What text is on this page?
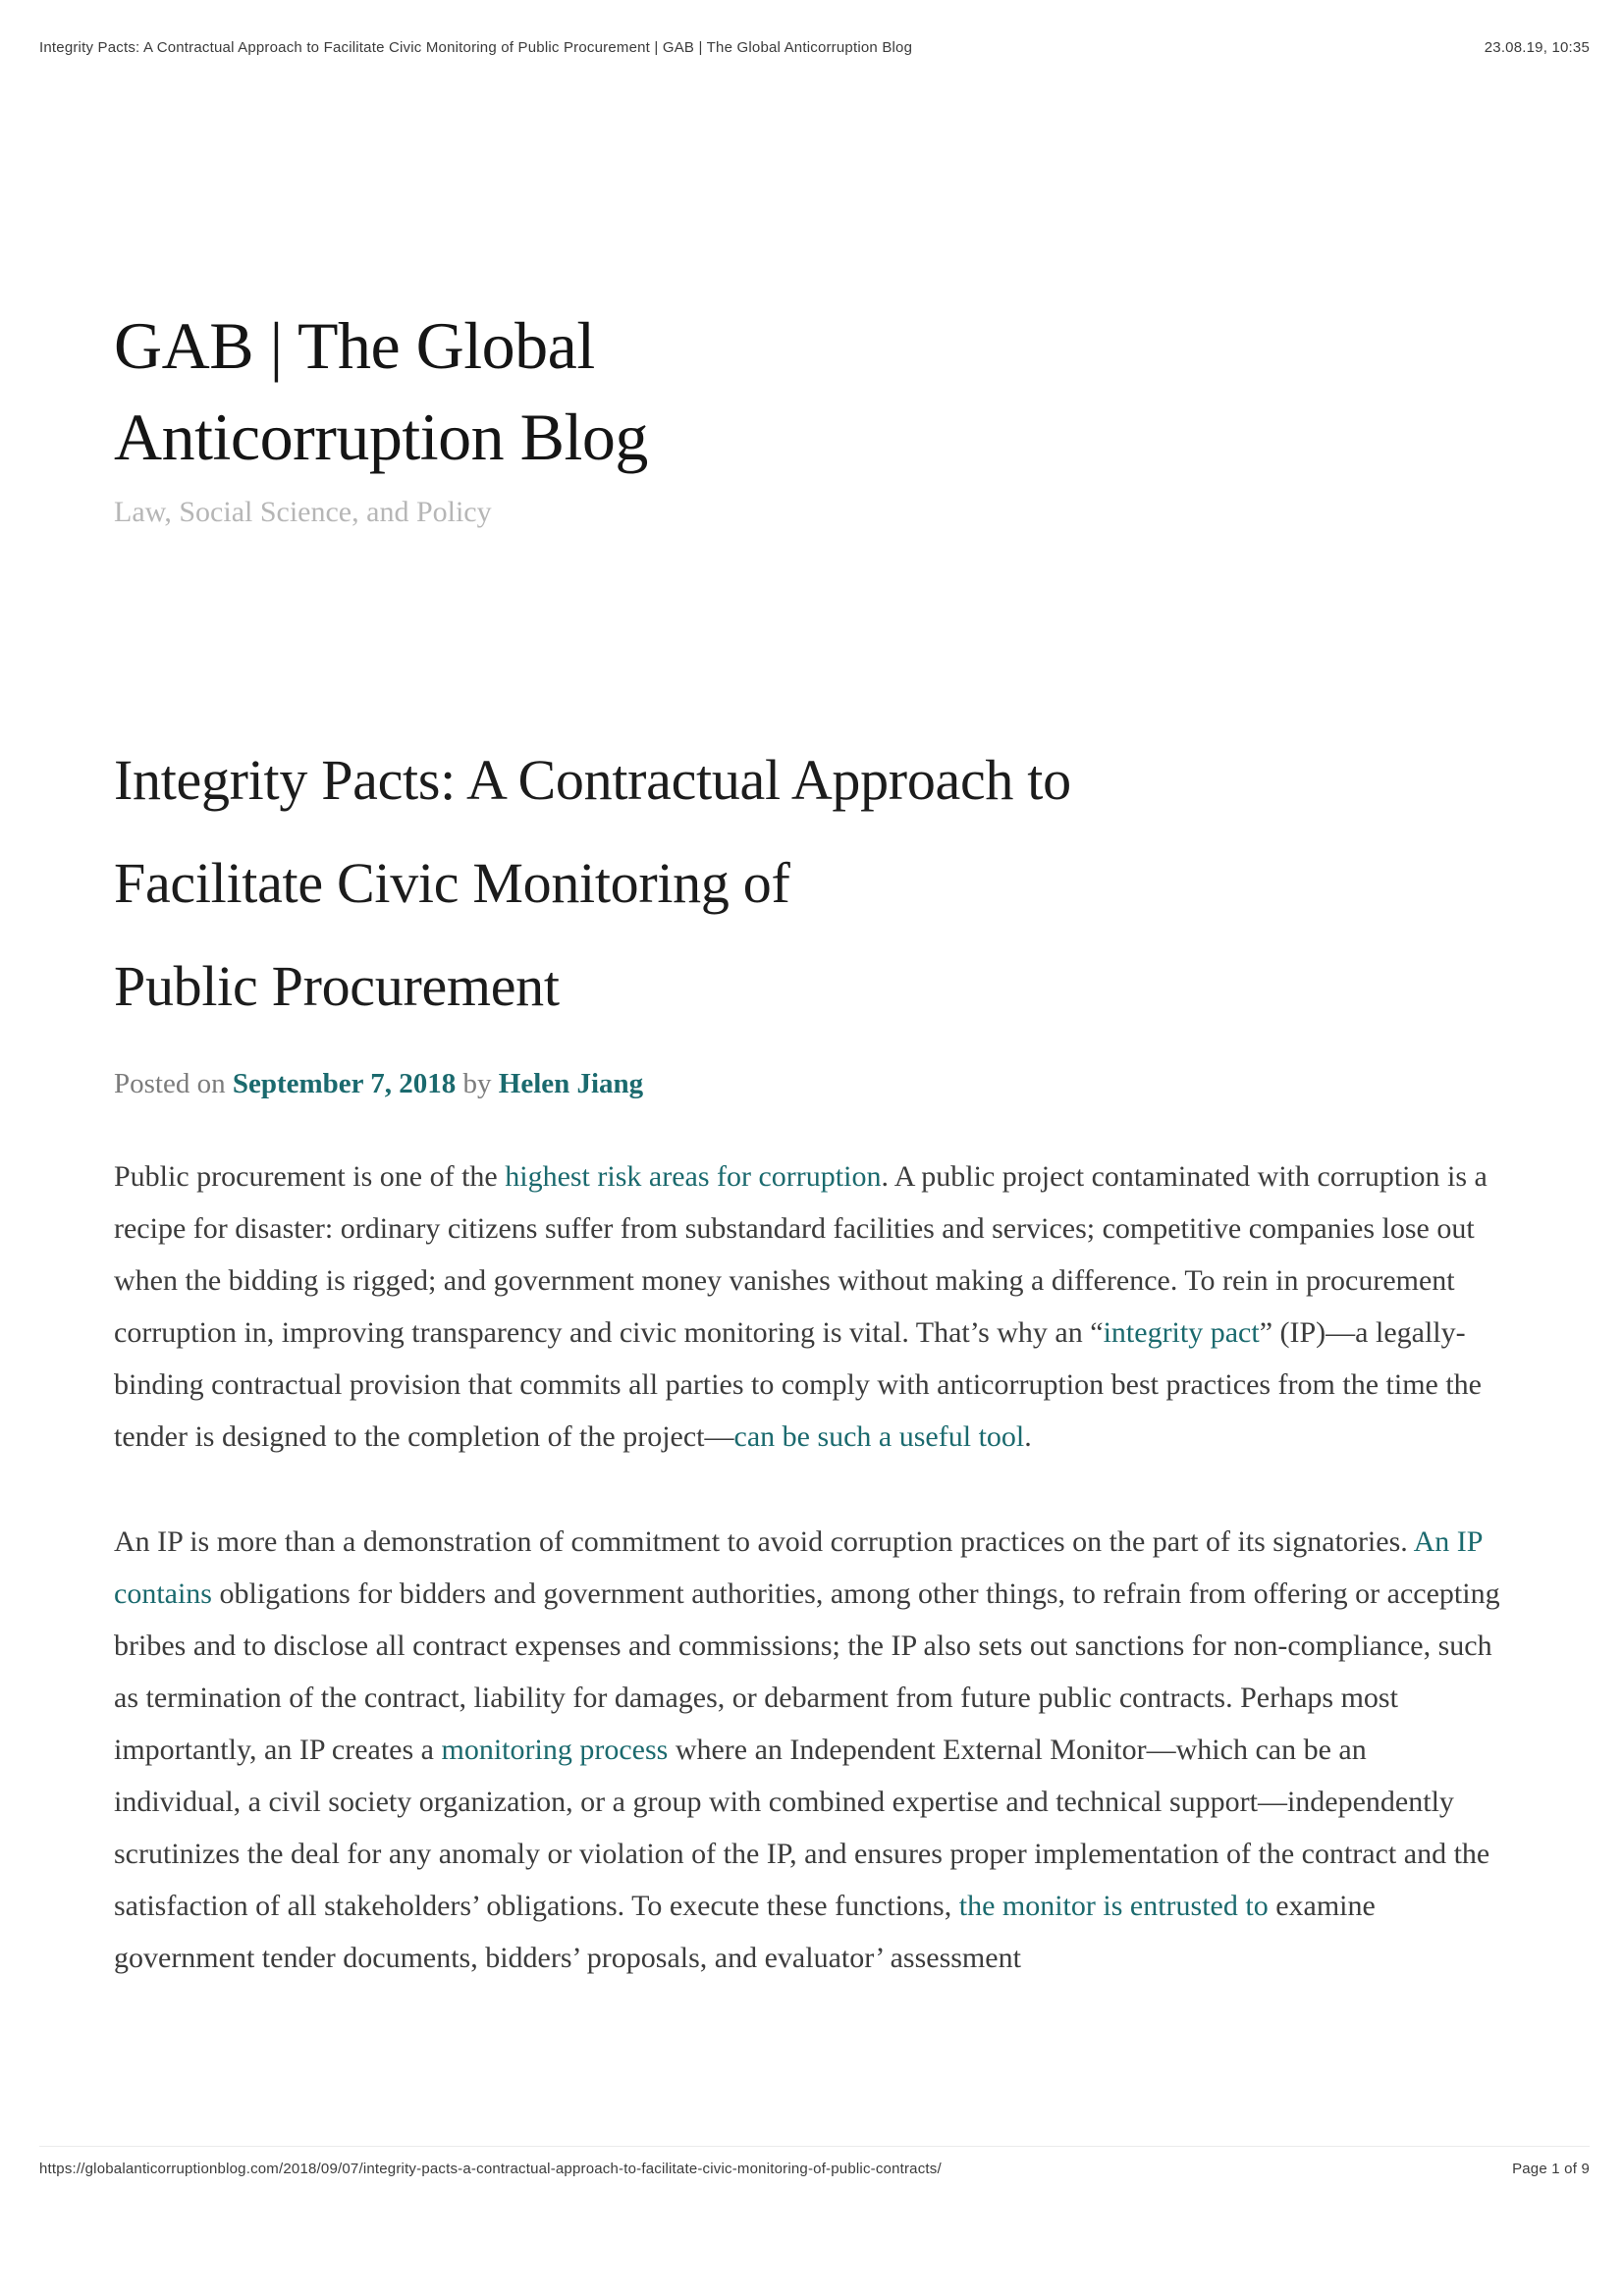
Integrity Pacts: A Contractual Approach to Facilitate Civic Monitoring of Public Procurement | GAB | The Global Anticorruption Blog	23.08.19, 10:35
GAB | The Global
Anticorruption Blog
Law, Social Science, and Policy
Integrity Pacts: A Contractual Approach to
Facilitate Civic Monitoring of
Public Procurement
Posted on September 7, 2018 by Helen Jiang

Public procurement is one of the highest risk areas for corruption. A public project contaminated with corruption is a recipe for disaster: ordinary citizens suffer from substandard facilities and services; competitive companies lose out when the bidding is rigged; and government money vanishes without making a difference. To rein in procurement corruption in, improving transparency and civic monitoring is vital. That’s why an “integrity pact” (IP)—a legally-binding contractual provision that commits all parties to comply with anticorruption best practices from the time the tender is designed to the completion of the project—can be such a useful tool.

An IP is more than a demonstration of commitment to avoid corruption practices on the part of its signatories. An IP contains obligations for bidders and government authorities, among other things, to refrain from offering or accepting bribes and to disclose all contract expenses and commissions; the IP also sets out sanctions for non-compliance, such as termination of the contract, liability for damages, or debarment from future public contracts. Perhaps most importantly, an IP creates a monitoring process where an Independent External Monitor—which can be an individual, a civil society organization, or a group with combined expertise and technical support—independently scrutinizes the deal for any anomaly or violation of the IP, and ensures proper implementation of the contract and the satisfaction of all stakeholders’ obligations. To execute these functions, the monitor is entrusted to examine government tender documents, bidders’ proposals, and evaluator’ assessment

https://globalanticorruptionblog.com/2018/09/07/integrity-pacts-a-contractual-approach-to-facilitate-civic-monitoring-of-public-contracts/	Page 1 of 9
